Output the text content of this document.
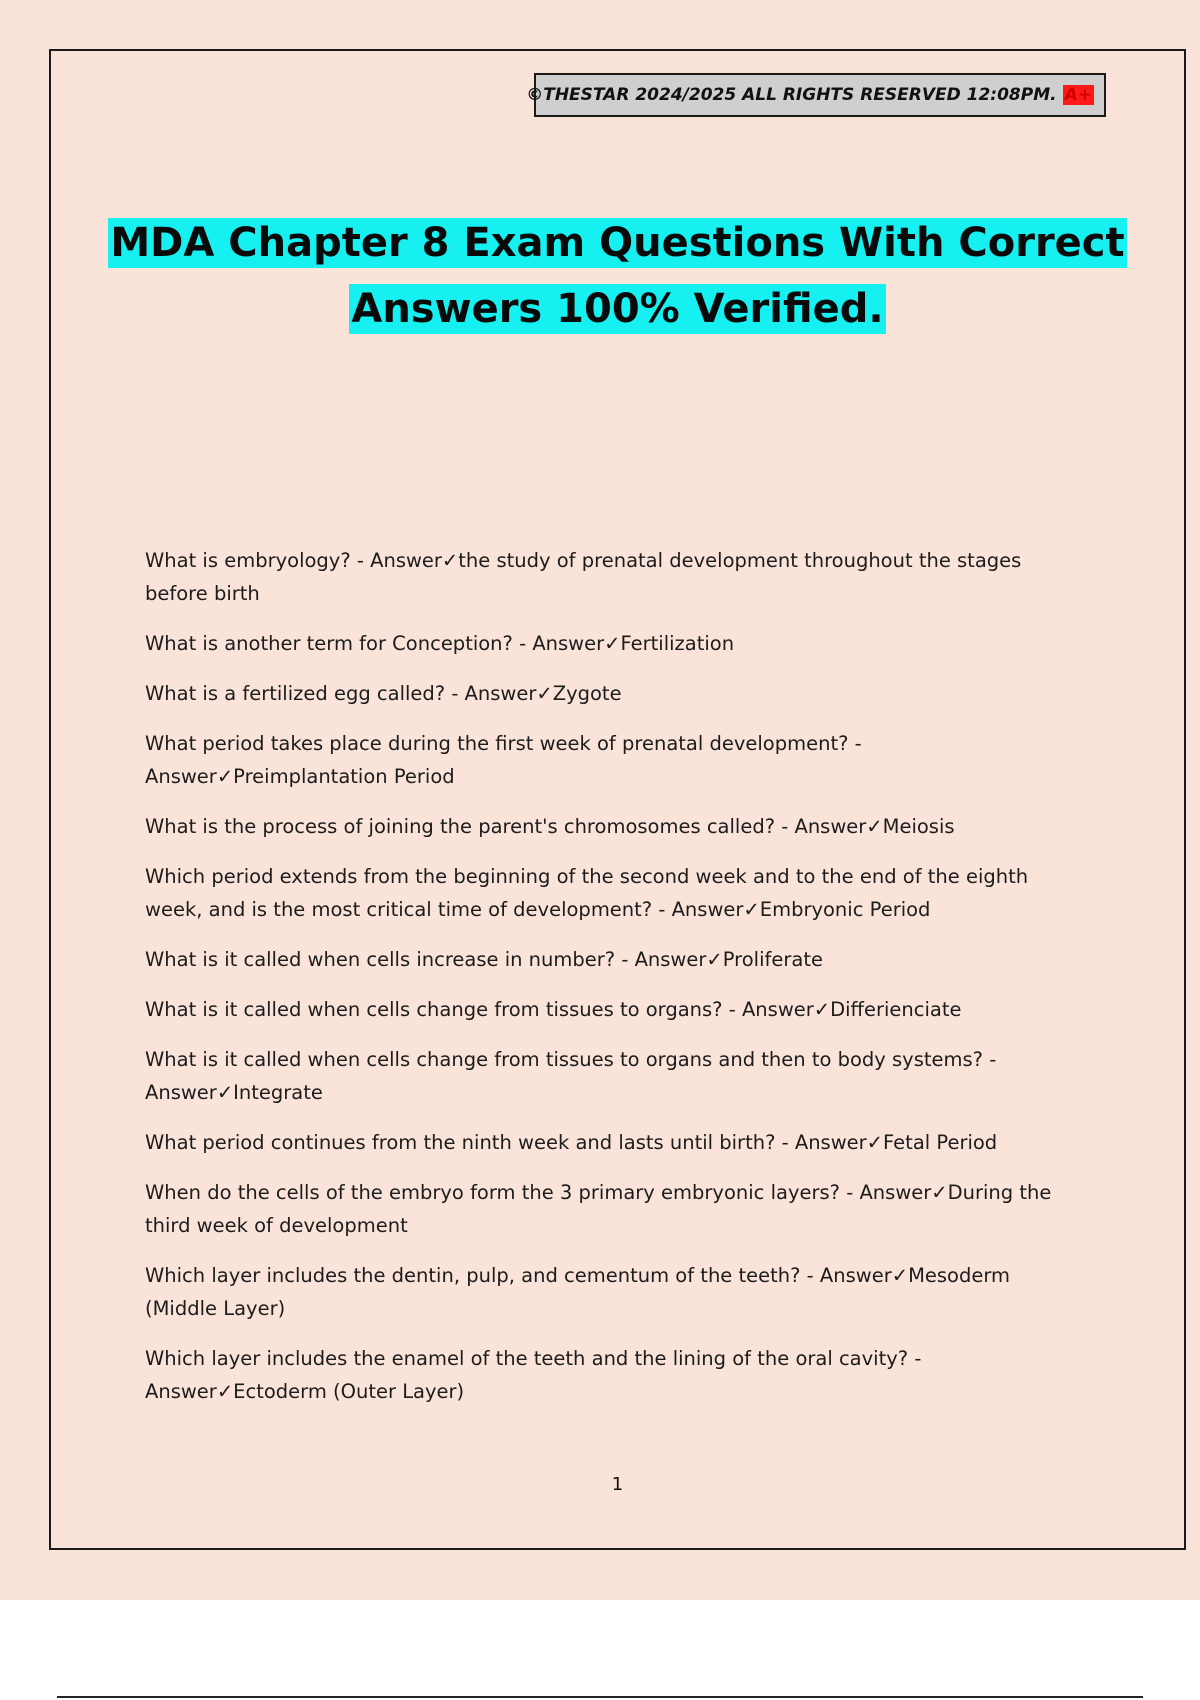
©THESTAR 2024/2025 ALL RIGHTS RESERVED 12:08PM. A+
MDA Chapter 8 Exam Questions With Correct
Answers 100% Verified.
What is embryology? - Answer✓the study of prenatal development throughout the stages before birth
What is another term for Conception? - Answer✓Fertilization
What is a fertilized egg called? - Answer✓Zygote
What period takes place during the first week of prenatal development? - Answer✓Preimplantation Period
What is the process of joining the parent's chromosomes called? - Answer✓Meiosis
Which period extends from the beginning of the second week and to the end of the eighth week, and is the most critical time of development? - Answer✓Embryonic Period
What is it called when cells increase in number? - Answer✓Proliferate
What is it called when cells change from tissues to organs? - Answer✓Differienciate
What is it called when cells change from tissues to organs and then to body systems? - Answer✓Integrate
What period continues from the ninth week and lasts until birth? - Answer✓Fetal Period
When do the cells of the embryo form the 3 primary embryonic layers? - Answer✓During the third week of development
Which layer includes the dentin, pulp, and cementum of the teeth? - Answer✓Mesoderm (Middle Layer)
Which layer includes the enamel of the teeth and the lining of the oral cavity? - Answer✓Ectoderm (Outer Layer)
1
